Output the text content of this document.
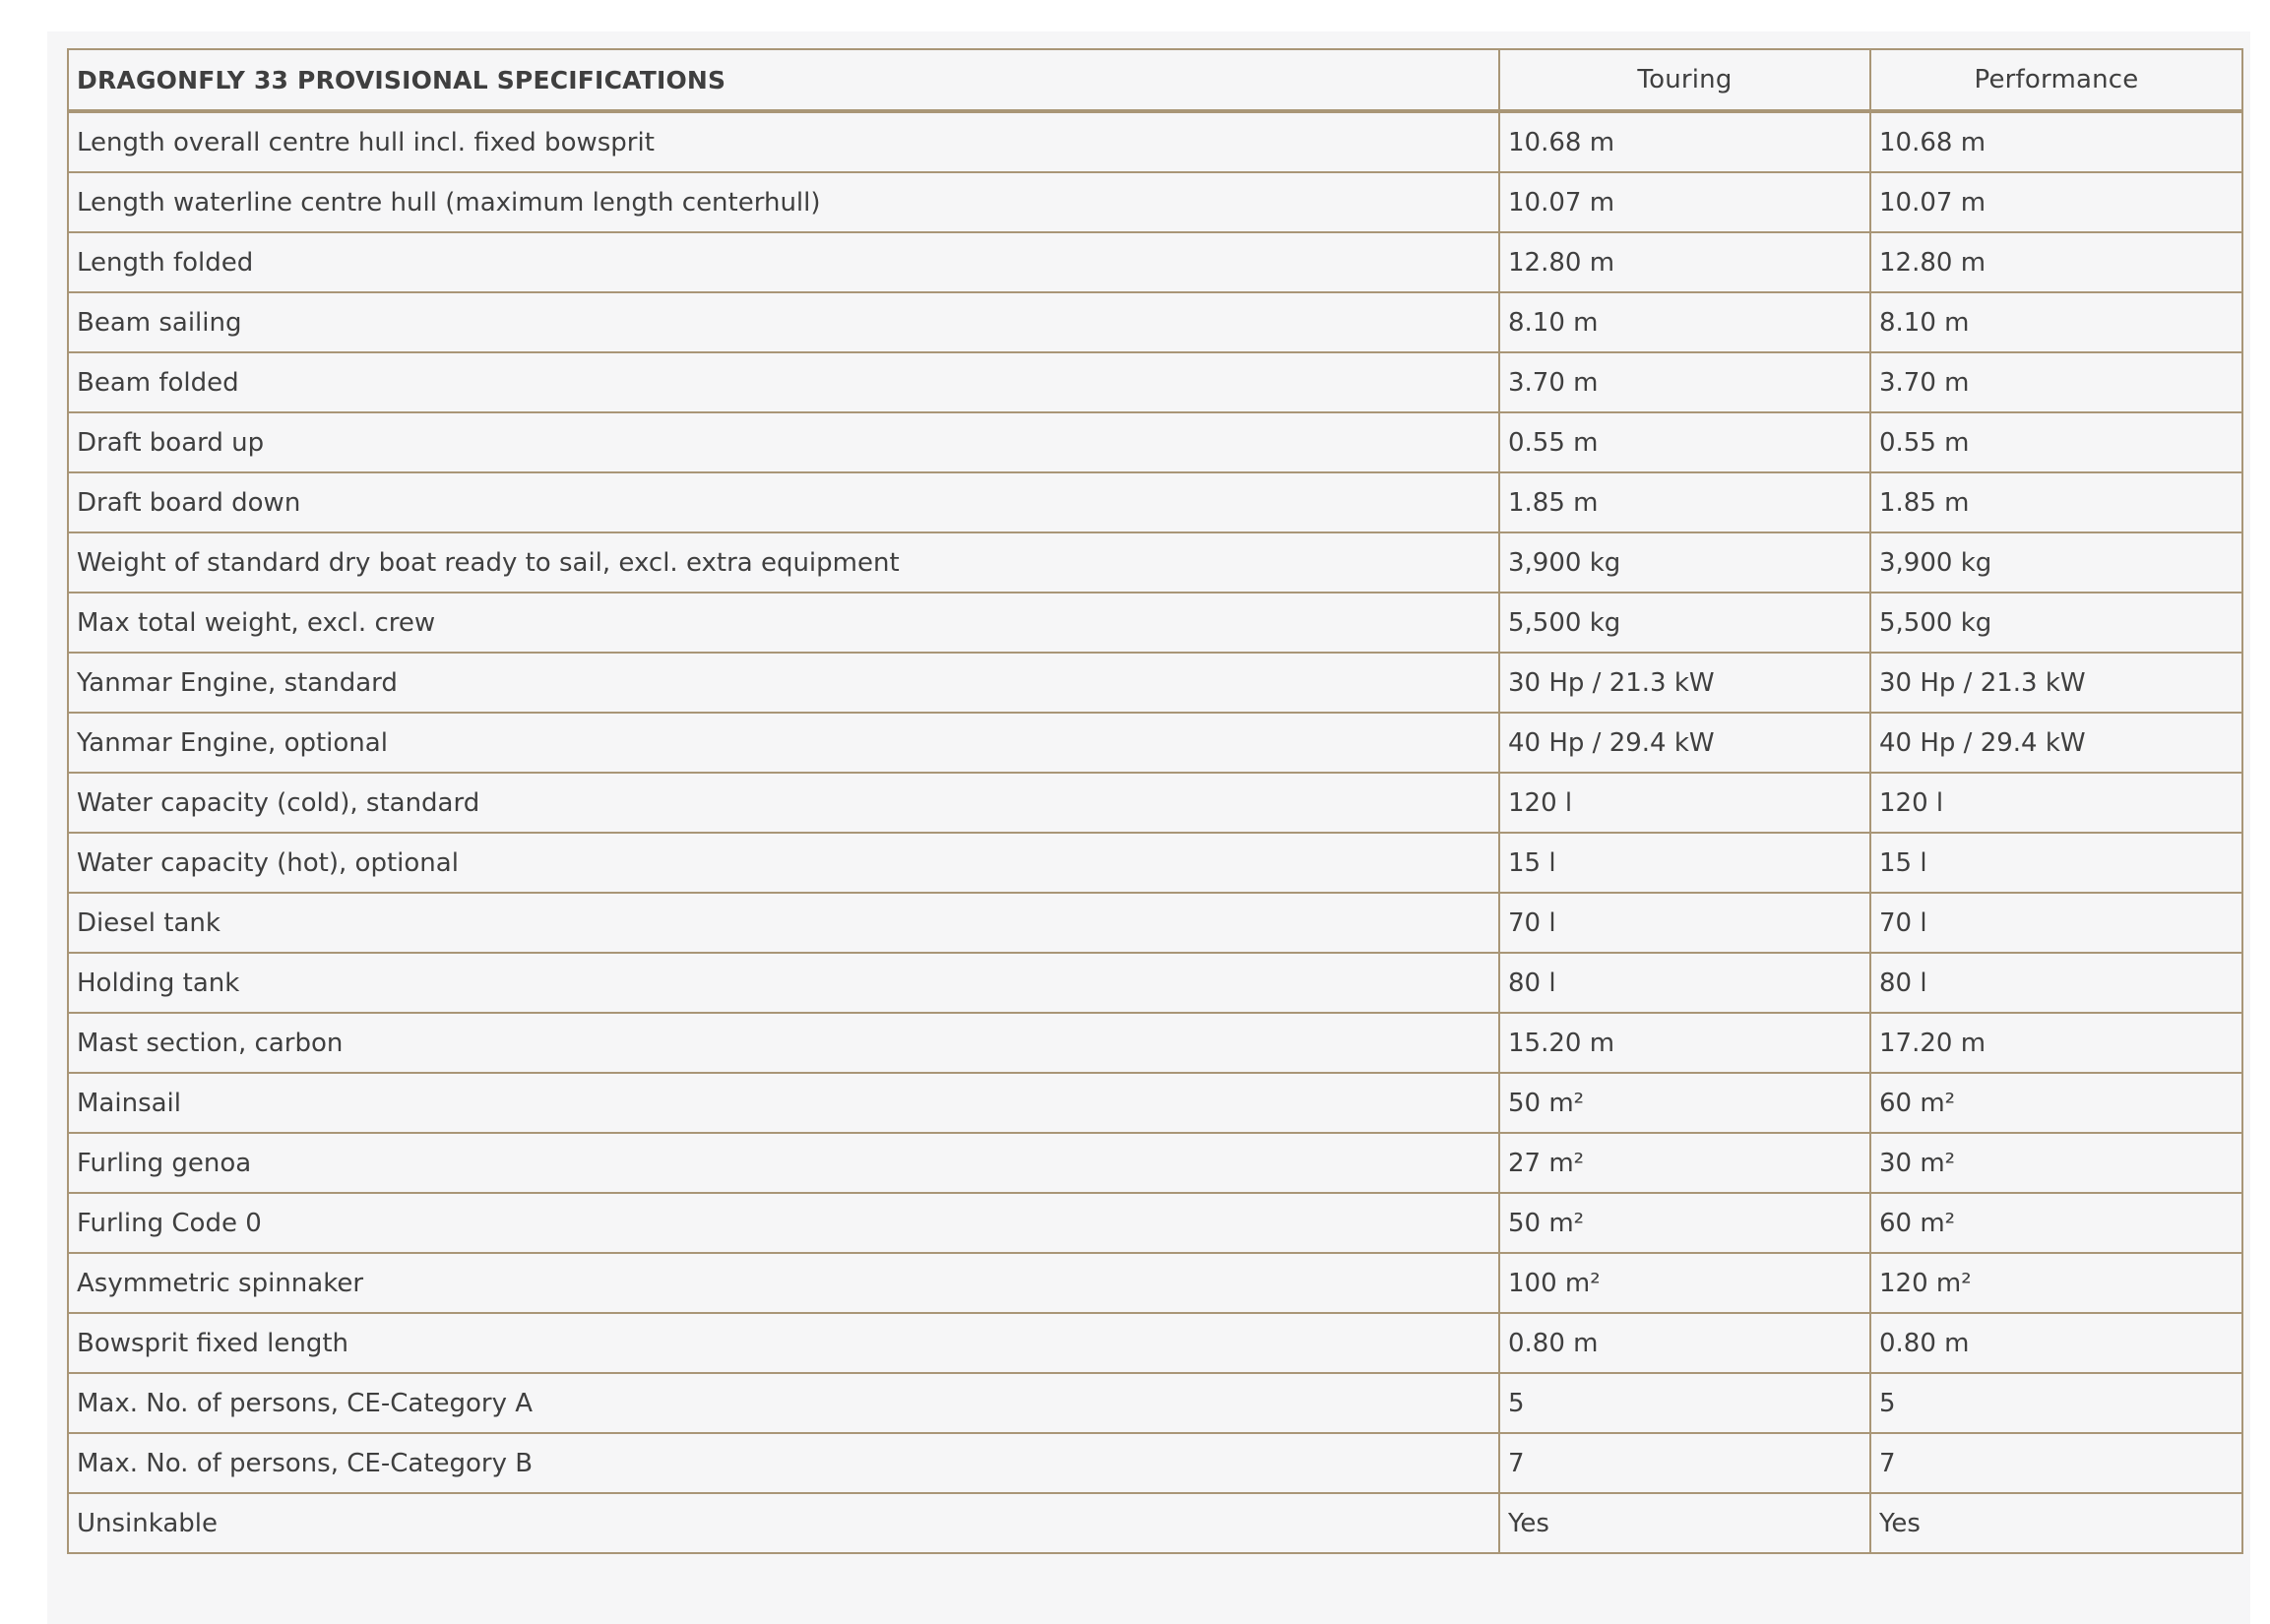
DRAGONFLY 33 PROVISIONAL SPECIFICATIONS	Touring	Performance
Length overall centre hull incl. fixed bowsprit	10.68 m	10.68 m
Length waterline centre hull (maximum length centerhull)	10.07 m	10.07 m
Length folded	12.80 m	12.80 m
Beam sailing	8.10 m	8.10 m
Beam folded	3.70 m	3.70 m
Draft board up	0.55 m	0.55 m
Draft board down	1.85 m	1.85 m
Weight of standard dry boat ready to sail, excl. extra equipment	3,900 kg	3,900 kg
Max total weight, excl. crew	5,500 kg	5,500 kg
Yanmar Engine, standard	30 Hp / 21.3 kW	30 Hp / 21.3 kW
Yanmar Engine, optional	40 Hp / 29.4 kW	40 Hp / 29.4 kW
Water capacity (cold), standard	120 l	120 l
Water capacity (hot), optional	15 l	15 l
Diesel tank	70 l	70 l
Holding tank	80 l	80 l
Mast section, carbon	15.20 m	17.20 m
Mainsail	50 m²	60 m²
Furling genoa	27 m²	30 m²
Furling Code 0	50 m²	60 m²
Asymmetric spinnaker	100 m²	120 m²
Bowsprit fixed length	0.80 m	0.80 m
Max. No. of persons, CE-Category A	5	5
Max. No. of persons, CE-Category B	7	7
Unsinkable	Yes	Yes
